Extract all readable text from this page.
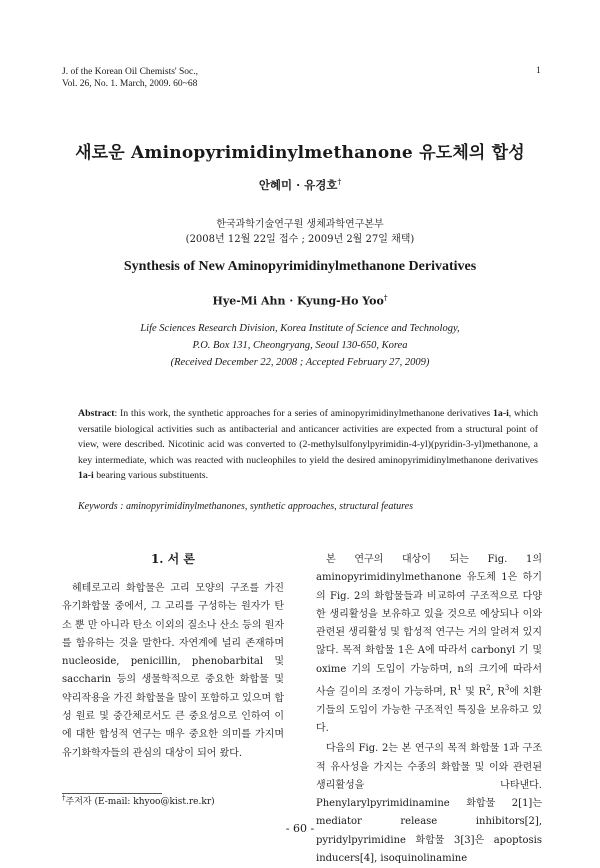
J. of the Korean Oil Chemists' Soc.,
Vol. 26, No. 1. March, 2009. 60~68
1
새로운 Aminopyrimidinylmethanone 유도체의 합성
안혜미 · 유경호†
한국과학기술연구원 생체과학연구본부
(2008년 12월 22일 접수 ; 2009년 2월 27일 채택)
Synthesis of New Aminopyrimidinylmethanone Derivatives
Hye-Mi Ahn · Kyung-Ho Yoo†
Life Sciences Research Division, Korea Institute of Science and Technology,
P.O. Box 131, Cheongryang, Seoul 130-650, Korea
(Received December 22, 2008 ; Accepted February 27, 2009)
Abstract: In this work, the synthetic approaches for a series of aminopyrimidinylmethanone derivatives 1a-i, which versatile biological activities such as antibacterial and anticancer activities are expected from a structural point of view, were described. Nicotinic acid was converted to (2-methylsulfonylpyrimidin-4-yl)(pyridin-3-yl)methanone, a key intermediate, which was reacted with nucleophiles to yield the desired aminopyrimidinylmethanone derivatives 1a-i bearing various substituents.
Keywords : aminopyrimidinylmethanones, synthetic approaches, structural features
1. 서 론

헤테로고리 화합물은 고리 모양의 구조를 가진 유기화합물 중에서, 그 고리를 구성하는 원자가 탄소 뿐 만 아니라 탄소 이외의 질소나 산소 등의 원자를 함유하는 것을 말한다. 자연계에 널리 존재하며 nucleoside, penicillin, phenobarbital 및 saccharin 등의 생물학적으로 중요한 화합물 및 약리작용을 가진 화합물을 많이 포함하고 있으며 합성 원료 및 중간체로서도 큰 중요성으로 인하여 이에 대한 합성적 연구는 매우 중요한 의미를 가지며 유기화학자들의 관심의 대상이 되어 왔다.

본 연구의 대상이 되는 Fig. 1의 aminopyrimidinylmethanone 유도체 1은 하기의 Fig. 2의 화합물들과 비교하여 구조적으로 다양한 생리활성을 보유하고 있을 것으로 예상되나 이와 관련된 생리활성 및 합성적 연구는 거의 알려져 있지 않다. 목적 화합물 1은 A에 따라서 carbonyl 기 및 oxime 기의 도입이 가능하며, n의 크기에 따라서 사슬 길이의 조정이 가능하며, $R^1$ 및 $R^2$, $R^3$에 치환기들의 도입이 가능한 구조적인 특징을 보유하고 있다.

다음의 Fig. 2는 본 연구의 목적 화합물 1과 구조적 유사성을 가지는 수종의 화합물 및 이와 관련된 생리활성을 나타낸다. Phenylarylpyrimidinamine 화합물 2[1]는 mediator release inhibitors[2], pyridylpyrimidine 화합물 3[3]은 apoptosis inducers[4], isoquinolinamine

†주저자 (E-mail: khyoo@kist.re.kr)
- 60 -
